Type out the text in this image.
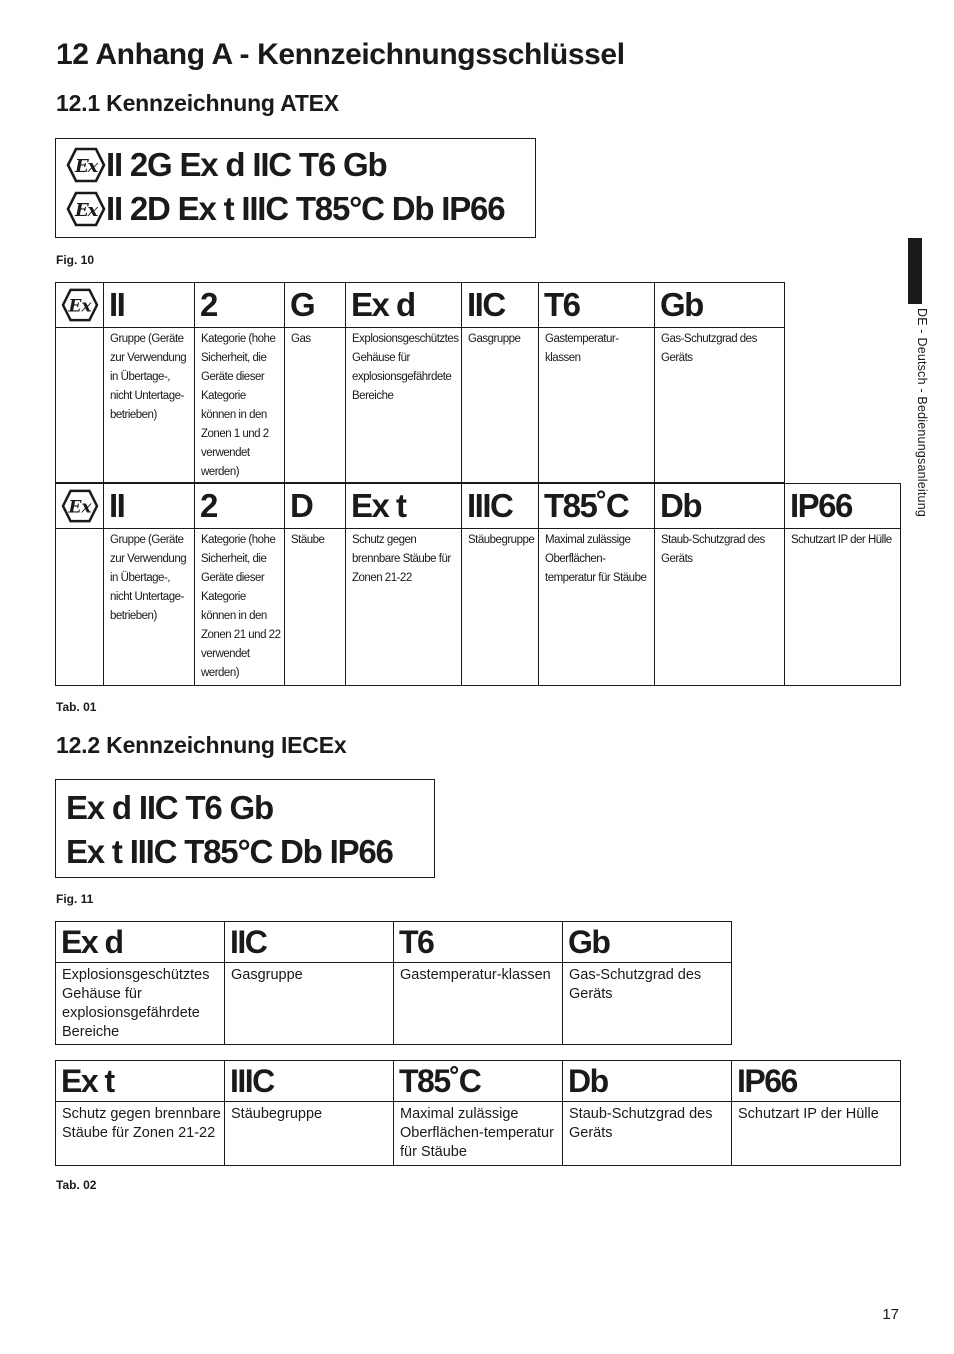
12 Anhang A - Kennzeichnungsschlüssel
12.1 Kennzeichnung ATEX
Ex II 2G Ex d IIC T6 Gb
Ex II 2D Ex t IIIC T85°C Db IP66
Fig. 10
Ex	II	2	G	Ex d	IIC	T6	Gb
	Gruppe (Geräte zur Verwendung in Übertage-, nicht Untertage-betrieben)	Kategorie (hohe Sicherheit, die Geräte dieser Kategorie können in den Zonen 1 und 2 verwendet werden)	Gas	Explosionsgeschütztes Gehäuse für explosionsgefährdete Bereiche	Gasgruppe	Gastemperatur-klassen	Gas-Schutzgrad des Geräts
Ex	II	2	D	Ex t	IIIC	T85˚C	Db	IP66
	Gruppe (Geräte zur Verwendung in Übertage-, nicht Untertage-betrieben)	Kategorie (hohe Sicherheit, die Geräte dieser Kategorie können in den Zonen 21 und 22 verwendet werden)	Stäube	Schutz gegen brennbare Stäube für Zonen 21-22	Stäubegruppe	Maximal zulässige Oberflächen-temperatur für Stäube	Staub-Schutzgrad des Geräts	Schutzart IP der Hülle
Tab. 01
12.2 Kennzeichnung IECEx
Ex d IIC T6 Gb
Ex t IIIC T85°C Db IP66
Fig. 11
Ex d	IIC	T6	Gb
Explosionsgeschütztes Gehäuse für explosionsgefährdete Bereiche	Gasgruppe	Gastemperatur-klassen	Gas-Schutzgrad des Geräts
Ex t	IIIC	T85˚C	Db	IP66
Schutz gegen brennbare Stäube für Zonen 21-22	Stäubegruppe	Maximal zulässige Oberflächen-temperatur für Stäube	Staub-Schutzgrad des Geräts	Schutzart IP der Hülle
Tab. 02
DE - Deutsch - Bedienungsanleitung
17
